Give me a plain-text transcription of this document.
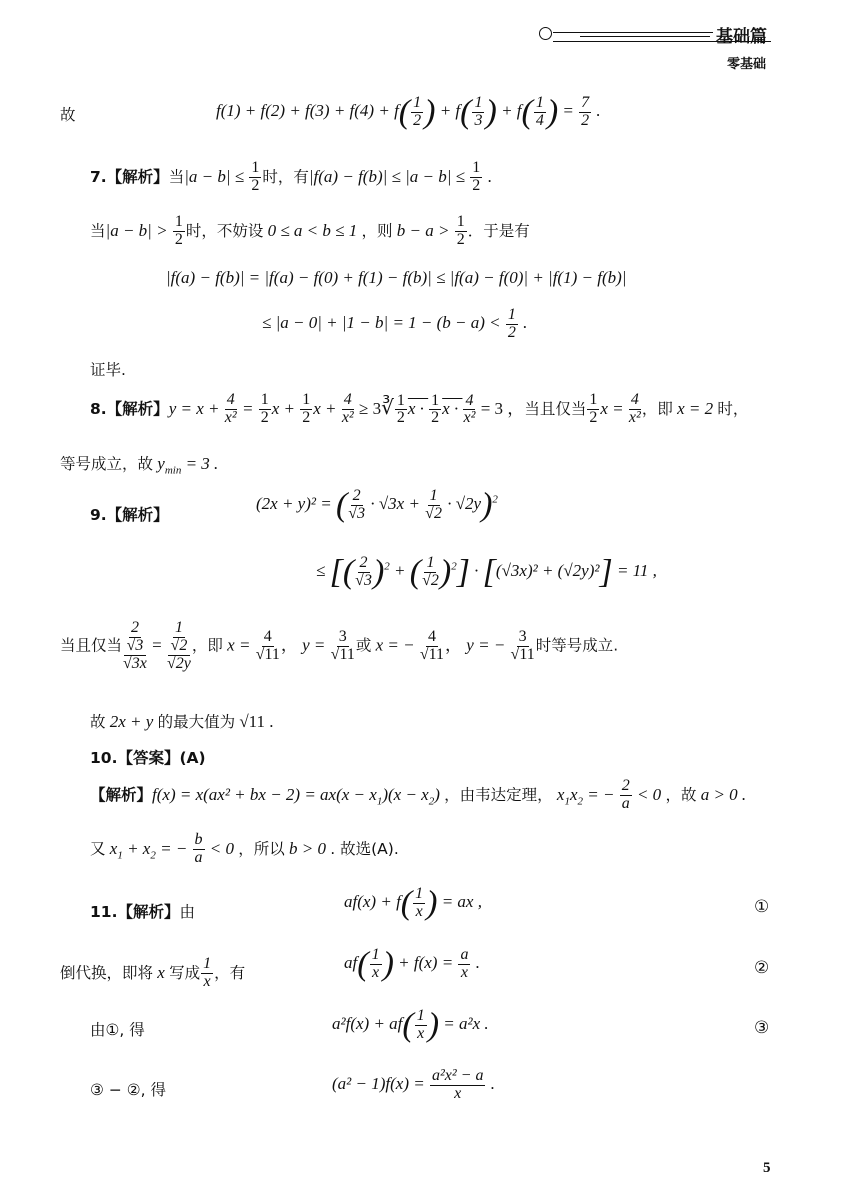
基础篇
零基础
故	$f(1) + f(2) + f(3) + f(4) + f( \frac{1}{2}$ ) + $f( \frac{1}{3}$ ) + $f( \frac{1}{4}$ ) = $\frac{7}{2}$ .
7.【解析】当$|a - b| \le \frac{1}{2}$ 时，有$|f(a) - f(b)| \le |a - b| \le \frac{1}{2}$ .
当$|a - b| > \frac{1}{2}$ 时，不妨设 0 ≤ a < b ≤ 1 ，则 $b - a > \frac{1}{2}$ ．于是有
|f(a) − f(b)| = |f(a) − f(0) + f(1) − f(b)| ≤ |f(a) − f(0)| + |f(1) − f(b)|
≤ $|a - 0| + |1 - b| = 1 - (b - a) < \frac{1}{2}$ .
证毕.
8.【解析】$y = x + \frac{4}{\text{x²}} = \frac{1}{2}$ $x + \frac{1}{2}$ $x + \frac{4}{\text{x²}}$ ≥ 3∛ $\frac{1}{2}$ $x \cdot \frac{1}{2}$ $x \cdot \frac{4}{\text{x²}} = 3$ ，当且仅当 $\frac{1}{2}$ $x = \frac{4}{\text{x²}}$ ，即 x = 2 时，
等号成立，故 $y_{min} = 3$ .
9.【解析】
(2x + y)² = ( $\frac{2}{√3} \cdot √3x + \frac{1}{√2} \cdot √2y)^2$
≤ [( $\frac{2}{√3} )^2$ + ( $\frac{1}{√2} )^2] \cdot [(√3x)^2 + (√2y)^2] = 11$ ,
当且仅当 $\frac{\frac{2}{√3}}{√3x} = \frac{\frac{1}{√2}}{√2y}$ ，即 $x = \frac{4}{√11}$ ， $y = \frac{3}{√11}$ 或 x = − $\frac{4}{√11}$ ， y = − $\frac{3}{√11}$ 时等号成立.
故 2x + y 的最大值为 √11 .
10.【答案】(A)
【解析】f(x) = x(ax² + bx − $2) = ax(x - x_1)(x - x_2)$ ，由韦达定理， $x_1x_2$ = − $\frac{2}{a} < 0$ ，故 a > 0 .
又 $x_1 + x_2$ = − $\frac{b}{a} < 0$ ，所以 b > 0 . 故选(A).
11.【解析】由
$af(x) + f( \frac{1}{x}$ ) = ax ,	①
倒代换，即将 x 写成 $\frac{1}{x}$ ，有
$af( \frac{1}{x}$ ) + $f(x) = \frac{a}{x}$ .	②
由①, 得	$a^2f(x) + af( \frac{1}{x}$ ) = a²x .	③
③ − ②, 得	$(a^2 - 1)f(x) = \frac{\text{a²x² − a}}{x}$ .
5
